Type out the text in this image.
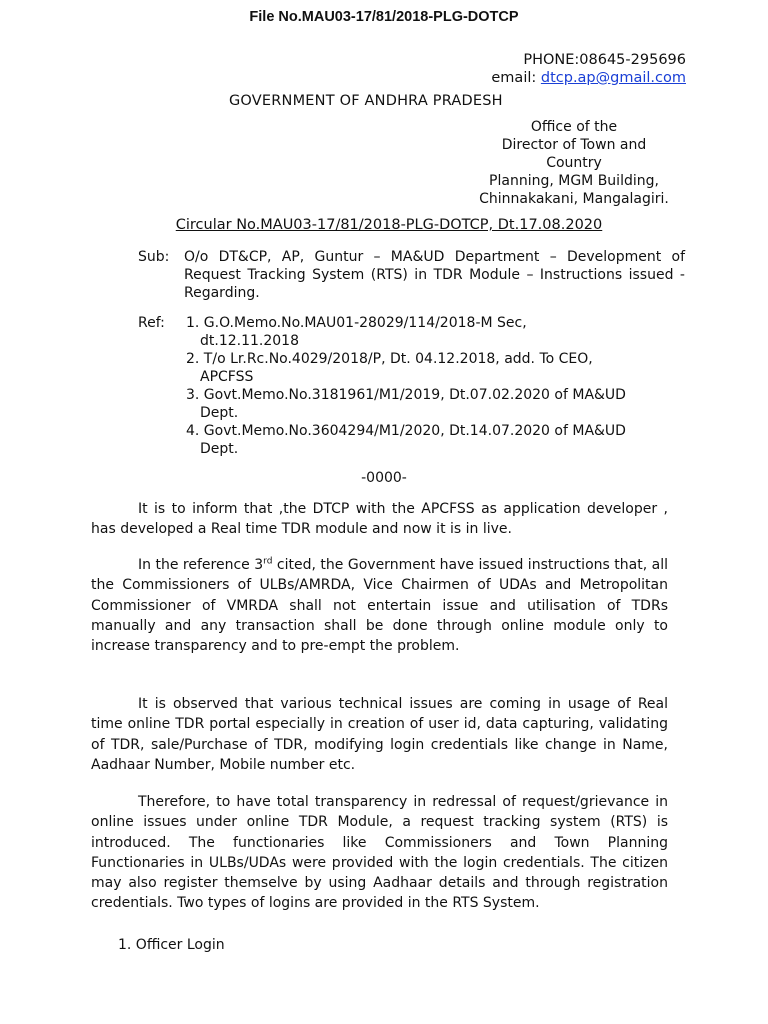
File No.MAU03-17/81/2018-PLG-DOTCP
PHONE:08645-295696
email: dtcp.ap@gmail.com
GOVERNMENT OF ANDHRA PRADESH
Office of the
Director of Town and
Country
Planning, MGM Building,
Chinnakakani, Mangalagiri.
Circular No.MAU03-17/81/2018-PLG-DOTCP, Dt.17.08.2020
Sub: O/o DT&CP, AP, Guntur – MA&UD Department – Development of Request Tracking System (RTS) in TDR Module – Instructions issued - Regarding.
Ref: 1. G.O.Memo.No.MAU01-28029/114/2018-M Sec,
dt.12.11.2018
2. T/o Lr.Rc.No.4029/2018/P, Dt. 04.12.2018, add. To CEO,
APCFSS
3. Govt.Memo.No.3181961/M1/2019, Dt.07.02.2020 of MA&UD
Dept.
4. Govt.Memo.No.3604294/M1/2020, Dt.14.07.2020 of MA&UD
Dept.
-0000-
It is to inform that ,the DTCP with the APCFSS as application developer , has developed a Real time TDR module and now it is in live.
In the reference 3rd cited, the Government have issued instructions that, all the Commissioners of ULBs/AMRDA, Vice Chairmen of UDAs and Metropolitan Commissioner of VMRDA shall not entertain issue and utilisation of TDRs manually and any transaction shall be done through online module only to increase transparency and to pre-empt the problem.
It is observed that various technical issues are coming in usage of Real time online TDR portal especially in creation of user id, data capturing, validating of TDR, sale/Purchase of TDR, modifying login credentials like change in Name, Aadhaar Number, Mobile number etc.
Therefore, to have total transparency in redressal of request/grievance in online issues under online TDR Module, a request tracking system (RTS) is introduced. The functionaries like Commissioners and Town Planning Functionaries in ULBs/UDAs were provided with the login credentials. The citizen may also register themselve by using Aadhaar details and through registration credentials. Two types of logins are provided in the RTS System.
1. Officer Login
